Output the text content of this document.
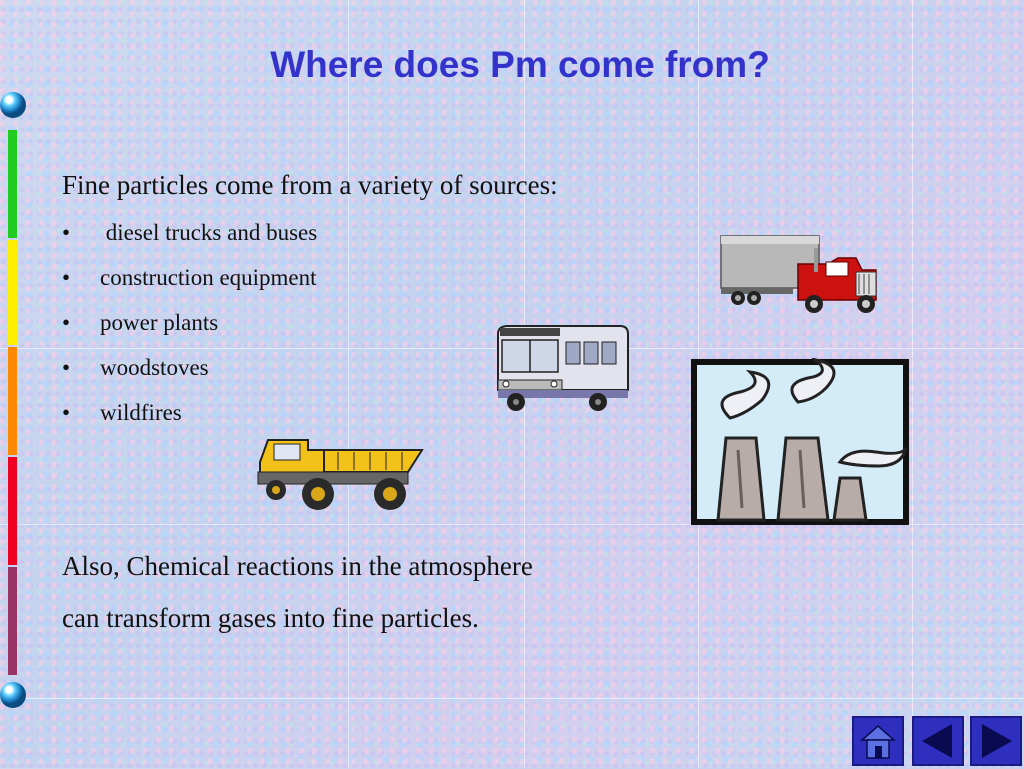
Where does Pm come from?

Fine particles come from a variety of sources:

• diesel trucks and buses
• construction equipment
• power plants
• woodstoves
• wildfires

Also, Chemical reactions in the atmosphere
can transform gases into fine particles.
